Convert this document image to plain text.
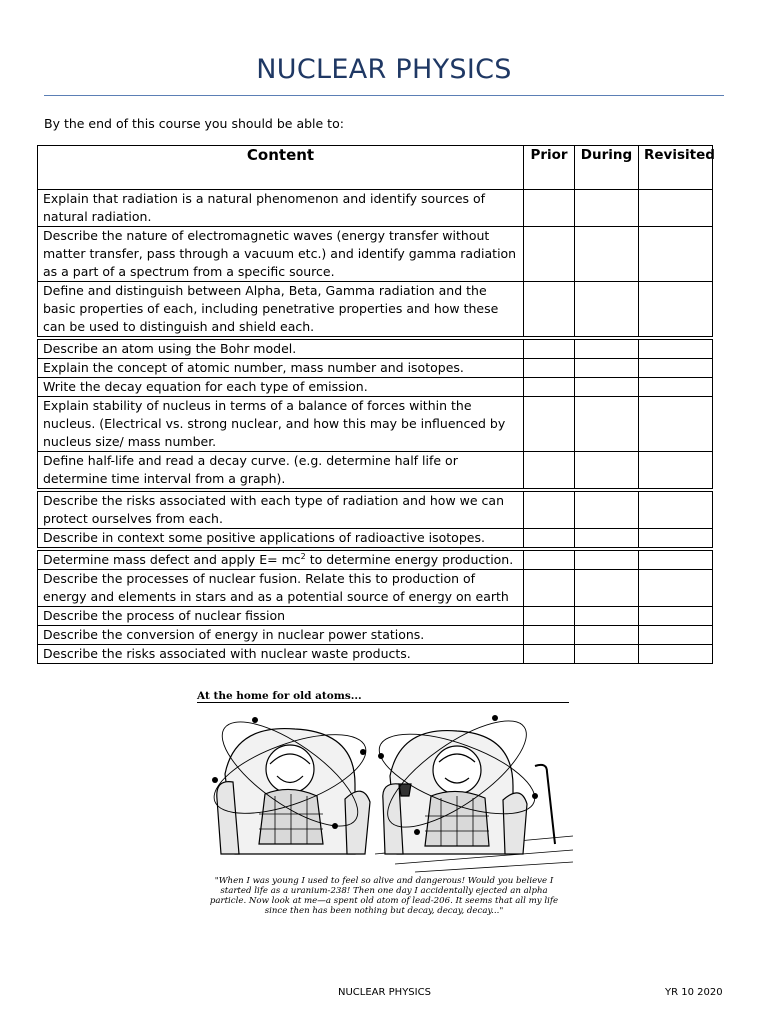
NUCLEAR PHYSICS
By the end of this course you should be able to:
Content	Prior	During	Revisited
Explain that radiation is a natural phenomenon and identify sources of natural radiation.			
Describe the nature of electromagnetic waves (energy transfer without matter transfer, pass through a vacuum etc.) and identify gamma radiation as a part of a spectrum from a specific source.			
Define and distinguish between Alpha, Beta, Gamma radiation and the basic properties of each, including penetrative properties and how these can be used to distinguish and shield each.			
Describe an atom using the Bohr model.			
Explain the concept of atomic number, mass number and isotopes.			
Write the decay equation for each type of emission.			
Explain stability of nucleus in terms of a balance of forces within the nucleus. (Electrical vs. strong nuclear, and how this may be influenced by nucleus size/ mass number.			
Define half-life and read a decay curve. (e.g. determine half life or determine time interval from a graph).			
Describe the risks associated with each type of radiation and how we can protect ourselves from each.			
Describe in context some positive applications of radioactive isotopes.			
Determine mass defect and apply $E= mc^2$ to determine energy production.			
Describe the processes of nuclear fusion. Relate this to production of energy and elements in stars and as a potential source of energy on earth			
Describe the process of nuclear fission			
Describe the conversion of energy in nuclear power stations.			
Describe the risks associated with nuclear waste products.			
At the home for old atoms...
"When I was young I used to feel so alive and dangerous! Would you believe I started life as a uranium-238! Then one day I accidentally ejected an alpha particle. Now look at me—a spent old atom of lead-206. It seems that all my life since then has been nothing but decay, decay, decay..."
NUCLEAR PHYSICS	YR 10 2020
